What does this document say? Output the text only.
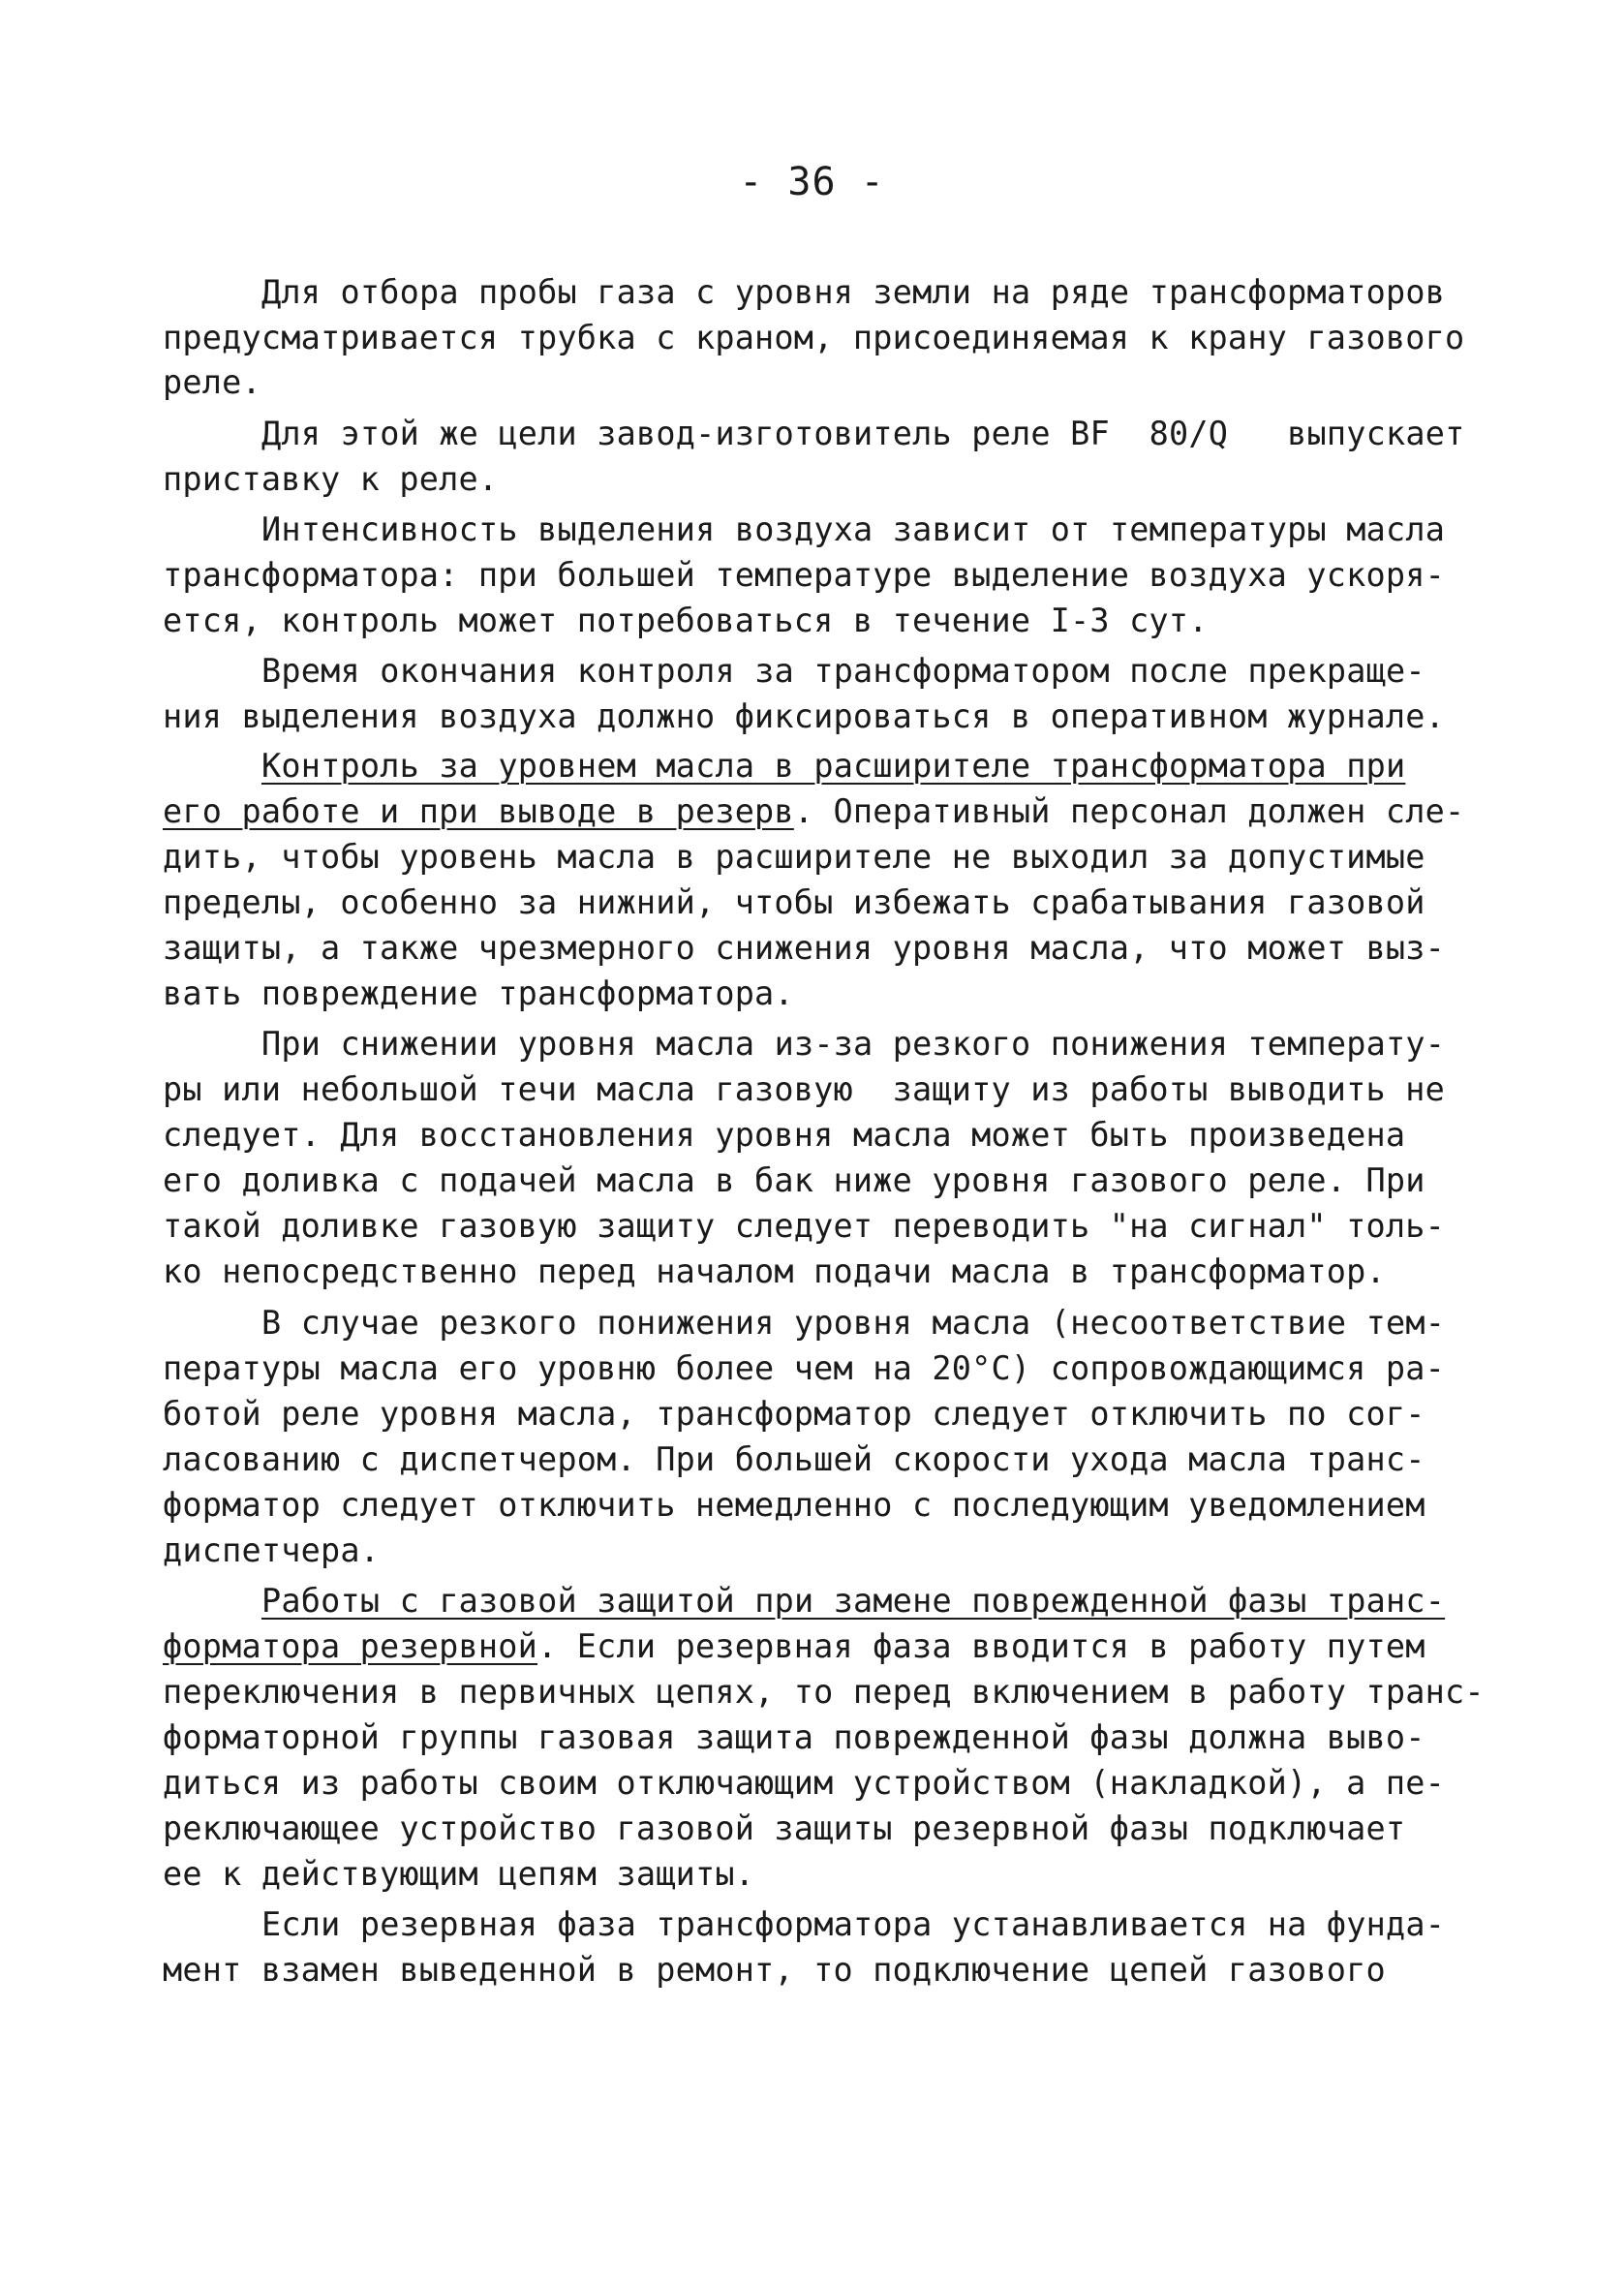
- 36 -
Для отбора пробы газа с уровня земли на ряде трансформаторов
предусматривается трубка с краном, присоединяемая к крану газового
реле.
Для этой же цели завод-изготовитель реле BF  80/Q   выпускает
приставку к реле.
Интенсивность выделения воздуха зависит от температуры масла
трансформатора: при большей температуре выделение воздуха ускоря-
ется, контроль может потребоваться в течение I-3 сут.
Время окончания контроля за трансформатором после прекраще-
ния выделения воздуха должно фиксироваться в оперативном журнале.
Контроль за уровнем масла в расширителе трансформатора при
его работе и при выводе в резерв. Оперативный персонал должен сле-
дить, чтобы уровень масла в расширителе не выходил за допустимые
пределы, особенно за нижний, чтобы избежать срабатывания газовой
защиты, а также чрезмерного снижения уровня масла, что может выз-
вать повреждение трансформатора.
При снижении уровня масла из-за резкого понижения температу-
ры или небольшой течи масла газовую  защиту из работы выводить не
следует. Для восстановления уровня масла может быть произведена
его доливка с подачей масла в бак ниже уровня газового реле. При
такой доливке газовую защиту следует переводить "на сигнал" толь-
ко непосредственно перед началом подачи масла в трансформатор.
В случае резкого понижения уровня масла (несоответствие тем-
пературы масла его уровню более чем на 20°С) сопровождающимся ра-
ботой реле уровня масла, трансформатор следует отключить по сог-
ласованию с диспетчером. При большей скорости ухода масла транс-
форматор следует отключить немедленно с последующим уведомлением
диспетчера.
Работы с газовой защитой при замене поврежденной фазы транс-
форматора резервной. Если резервная фаза вводится в работу путем
переключения в первичных цепях, то перед включением в работу транс-
форматорной группы газовая защита поврежденной фазы должна выво-
диться из работы своим отключающим устройством (накладкой), а пе-
реключающее устройство газовой защиты резервной фазы подключает
ее к действующим цепям защиты.
Если резервная фаза трансформатора устанавливается на фунда-
мент взамен выведенной в ремонт, то подключение цепей газового
